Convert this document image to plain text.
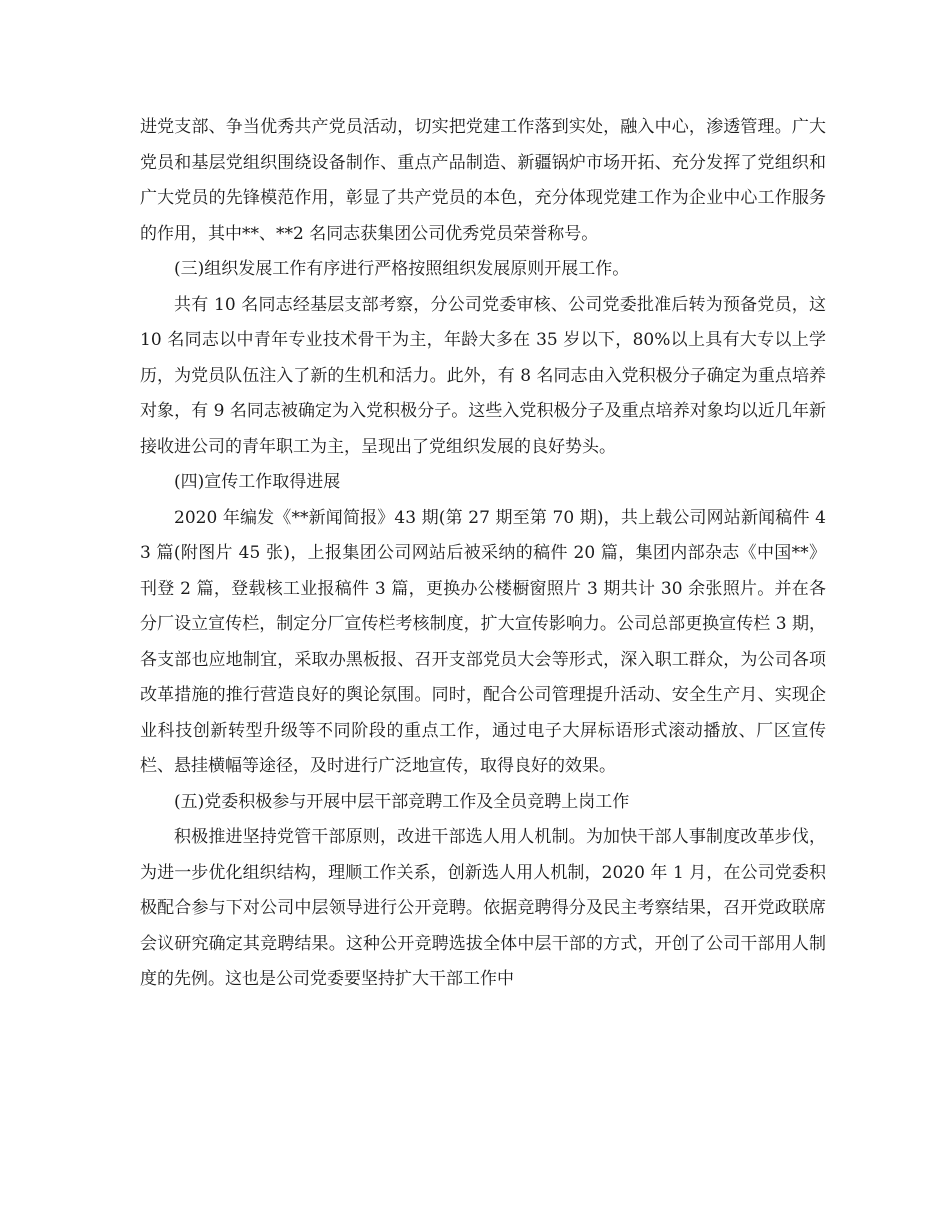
进党支部、争当优秀共产党员活动，切实把党建工作落到实处，融入中心，渗透管理。广大党员和基层党组织围绕设备制作、重点产品制造、新疆锅炉市场开拓、充分发挥了党组织和广大党员的先锋模范作用，彰显了共产党员的本色，充分体现党建工作为企业中心工作服务的作用，其中**、**2 名同志获集团公司优秀党员荣誉称号。

(三)组织发展工作有序进行严格按照组织发展原则开展工作。

共有 10 名同志经基层支部考察，分公司党委审核、公司党委批准后转为预备党员，这 10 名同志以中青年专业技术骨干为主，年龄大多在 35 岁以下，80%以上具有大专以上学历，为党员队伍注入了新的生机和活力。此外，有 8 名同志由入党积极分子确定为重点培养对象，有 9 名同志被确定为入党积极分子。这些入党积极分子及重点培养对象均以近几年新接收进公司的青年职工为主，呈现出了党组织发展的良好势头。

(四)宣传工作取得进展

2020 年编发《**新闻简报》43 期(第 27 期至第 70 期)，共上载公司网站新闻稿件 43 篇(附图片 45 张)，上报集团公司网站后被采纳的稿件 20 篇，集团内部杂志《中国**》刊登 2 篇，登载核工业报稿件 3 篇，更换办公楼橱窗照片 3 期共计 30 余张照片。并在各分厂设立宣传栏，制定分厂宣传栏考核制度，扩大宣传影响力。公司总部更换宣传栏 3 期，各支部也应地制宜，采取办黑板报、召开支部党员大会等形式，深入职工群众，为公司各项改革措施的推行营造良好的舆论氛围。同时，配合公司管理提升活动、安全生产月、实现企业科技创新转型升级等不同阶段的重点工作，通过电子大屏标语形式滚动播放、厂区宣传栏、悬挂横幅等途径，及时进行广泛地宣传，取得良好的效果。

(五)党委积极参与开展中层干部竞聘工作及全员竞聘上岗工作

积极推进坚持党管干部原则，改进干部选人用人机制。为加快干部人事制度改革步伐，为进一步优化组织结构，理顺工作关系，创新选人用人机制，2020 年 1 月，在公司党委积极配合参与下对公司中层领导进行公开竞聘。依据竞聘得分及民主考察结果，召开党政联席会议研究确定其竞聘结果。这种公开竞聘选拔全体中层干部的方式，开创了公司干部用人制度的先例。这也是公司党委要坚持扩大干部工作中
